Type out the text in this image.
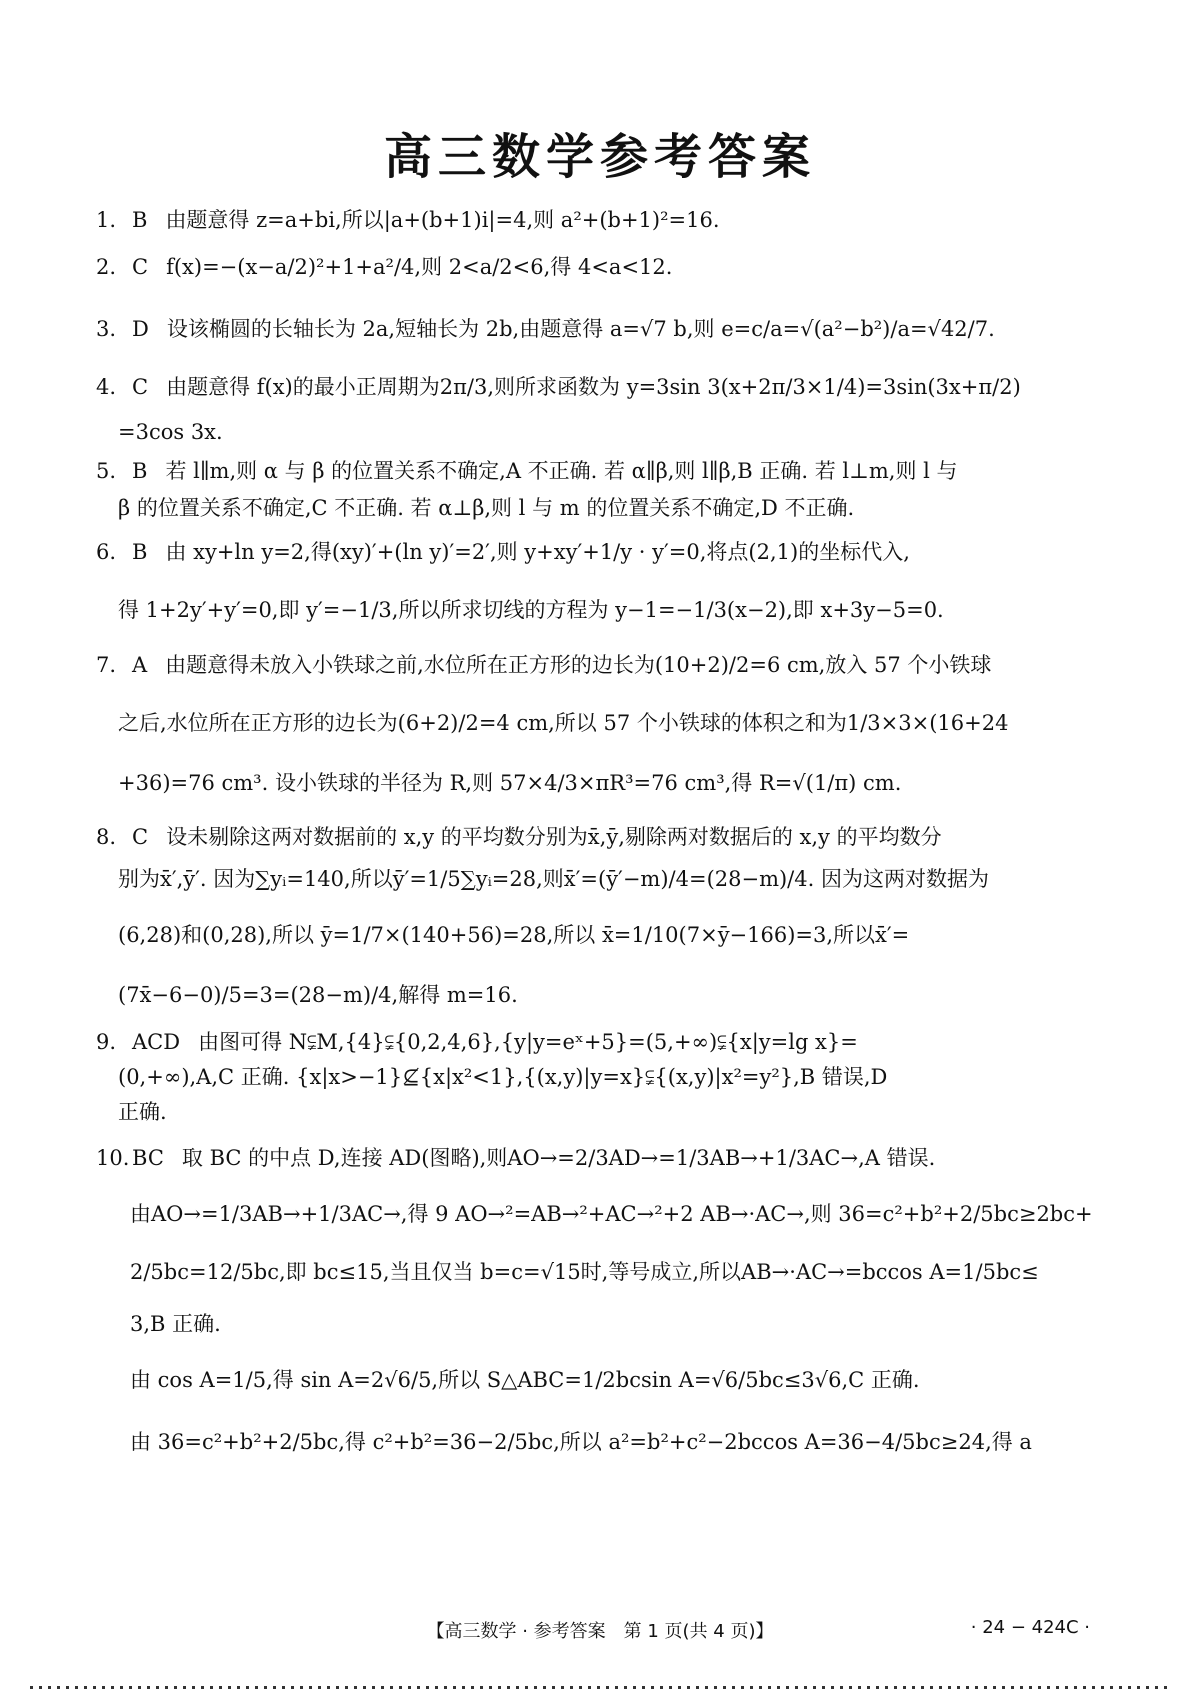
高三数学参考答案
1. B 由题意得 z=a+bi,所以|a+(b+1)i|=4,则 a²+(b+1)²=16.
2. C f(x)=−(x−a/2)²+1+a²/4,则 2<a/2<6,得 4<a<12.
3. D 设该椭圆的长轴长为 2a,短轴长为 2b,由题意得 a=√7 b,则 e=c/a=√(a²−b²)/a=√42/7.
4. C 由题意得 f(x)的最小正周期为2π/3,则所求函数为 y=3sin 3(x+2π/3×1/4)=3sin(3x+π/2)
=3cos 3x.
5. B 若 l∥m,则 α 与 β 的位置关系不确定,A 不正确. 若 α∥β,则 l∥β,B 正确. 若 l⊥m,则 l 与
β 的位置关系不确定,C 不正确. 若 α⊥β,则 l 与 m 的位置关系不确定,D 不正确.
6. B 由 xy+ln y=2,得(xy)′+(ln y)′=2′,则 y+xy′+1/y · y′=0,将点(2,1)的坐标代入,
得 1+2y′+y′=0,即 y′=−1/3,所以所求切线的方程为 y−1=−1/3(x−2),即 x+3y−5=0.
7. A 由题意得未放入小铁球之前,水位所在正方形的边长为(10+2)/2=6 cm,放入 57 个小铁球
之后,水位所在正方形的边长为(6+2)/2=4 cm,所以 57 个小铁球的体积之和为1/3×3×(16+24
+36)=76 cm³. 设小铁球的半径为 R,则 57×4/3×πR³=76 cm³,得 R=√(1/π) cm.
8. C 设未剔除这两对数据前的 x,y 的平均数分别为x̄,ȳ,剔除两对数据后的 x,y 的平均数分
别为x̄′,ȳ′. 因为∑yᵢ=140,所以ȳ′=1/5∑yᵢ=28,则x̄′=(ȳ′−m)/4=(28−m)/4. 因为这两对数据为
(6,28)和(0,28),所以 ȳ=1/7×(140+56)=28,所以 x̄=1/10(7×ȳ−166)=3,所以x̄′=
(7x̄−6−0)/5=3=(28−m)/4,解得 m=16.
9. ACD 由图可得 N⫋M,{4}⫋{0,2,4,6},{y|y=eˣ+5}=(5,+∞)⫋{x|y=lg x}=
(0,+∞),A,C 正确. {x|x>−1}⊈{x|x²<1},{(x,y)|y=x}⫋{(x,y)|x²=y²},B 错误,D
正确.
10. BC 取 BC 的中点 D,连接 AD(图略),则AO→=2/3AD→=1/3AB→+1/3AC→,A 错误.
由AO→=1/3AB→+1/3AC→,得 9 AO→²=AB→²+AC→²+2 AB→·AC→,则 36=c²+b²+2/5bc≥2bc+
2/5bc=12/5bc,即 bc≤15,当且仅当 b=c=√15时,等号成立,所以AB→·AC→=bccos A=1/5bc≤
3,B 正确.
由 cos A=1/5,得 sin A=2√6/5,所以 S△ABC=1/2bcsin A=√6/5bc≤3√6,C 正确.
由 36=c²+b²+2/5bc,得 c²+b²=36−2/5bc,所以 a²=b²+c²−2bccos A=36−4/5bc≥24,得 a
【高三数学 · 参考答案　第 1 页(共 4 页)】	· 24 − 424C ·
